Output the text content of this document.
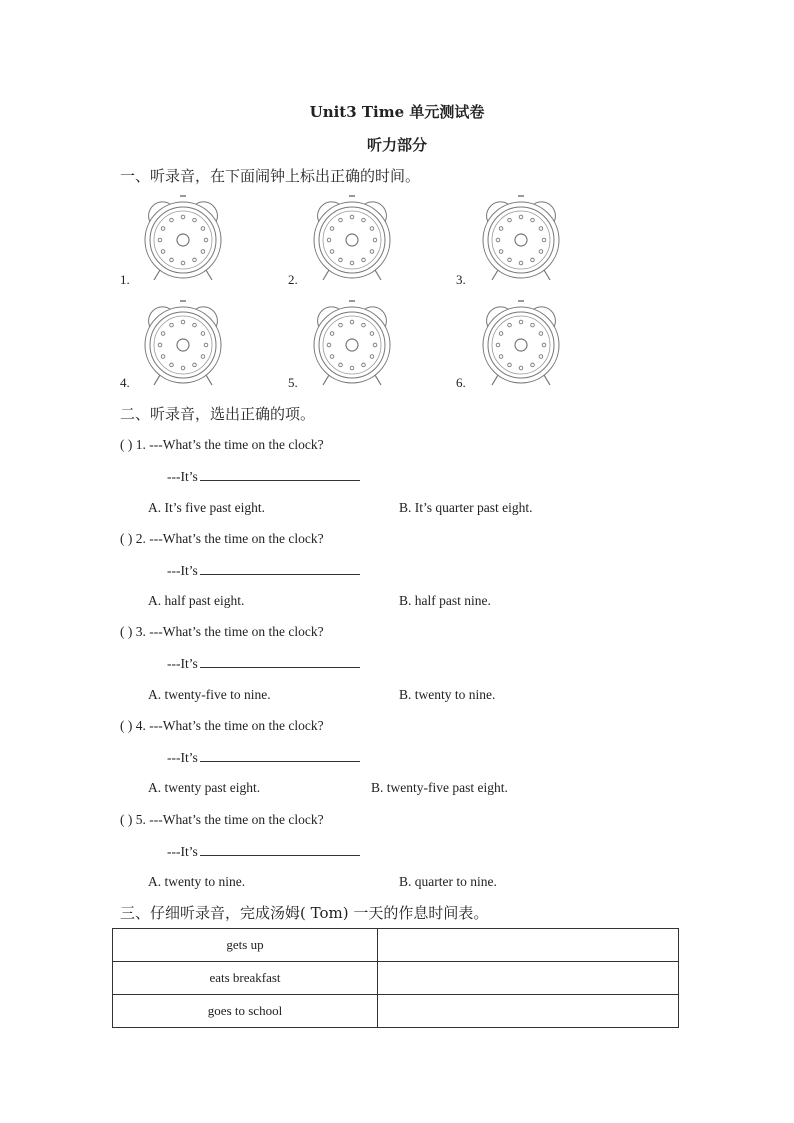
Unit3 Time 单元测试卷
听力部分
一、听录音，在下面闹钟上标出正确的时间。
1.	2.	3.
4.	5.	6.
二、听录音，选出正确的项。
( ) 1. ---What’s the time on the clock?
---It’s
A. It’s five past eight.	B. It’s quarter past eight.
( ) 2. ---What’s the time on the clock?
---It’s
A. half past eight.	B. half past nine.
( ) 3. ---What’s the time on the clock?
---It’s
A. twenty-five to nine.	B. twenty to nine.
( ) 4. ---What’s the time on the clock?
---It’s
A. twenty past eight.	B. twenty-five past eight.
( ) 5. ---What’s the time on the clock?
---It’s
A. twenty to nine.	B. quarter to nine.
三、仔细听录音，完成汤姆( Tom) 一天的作息时间表。
gets up	
eats breakfast	
goes to school	
